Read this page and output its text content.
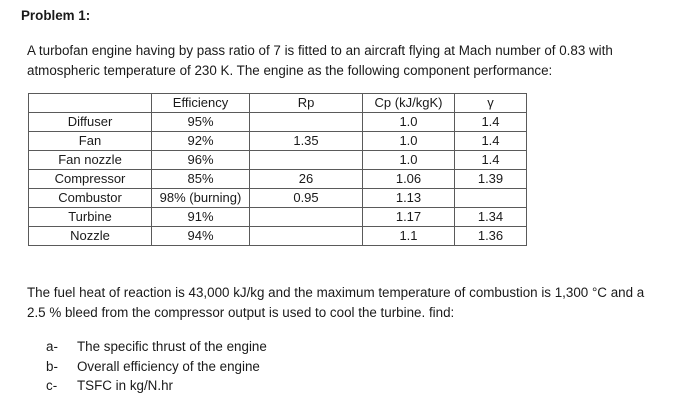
Problem 1:
A turbofan engine having by pass ratio of 7 is fitted to an aircraft flying at Mach number of 0.83 with
atmospheric temperature of 230 K. The engine as the following component performance:
	Efficiency	Rp	Cp (kJ/kgK)	γ
Diffuser	95%		1.0	1.4
Fan	92%	1.35	1.0	1.4
Fan nozzle	96%		1.0	1.4
Compressor	85%	26	1.06	1.39
Combustor	98% (burning)	0.95	1.13	
Turbine	91%		1.17	1.34
Nozzle	94%		1.1	1.36
The fuel heat of reaction is 43,000 kJ/kg and the maximum temperature of combustion is 1,300 °C and a
2.5 % bleed from the compressor output is used to cool the turbine. find:
a- The specific thrust of the engine
b- Overall efficiency of the engine
c- TSFC in kg/N.hr
